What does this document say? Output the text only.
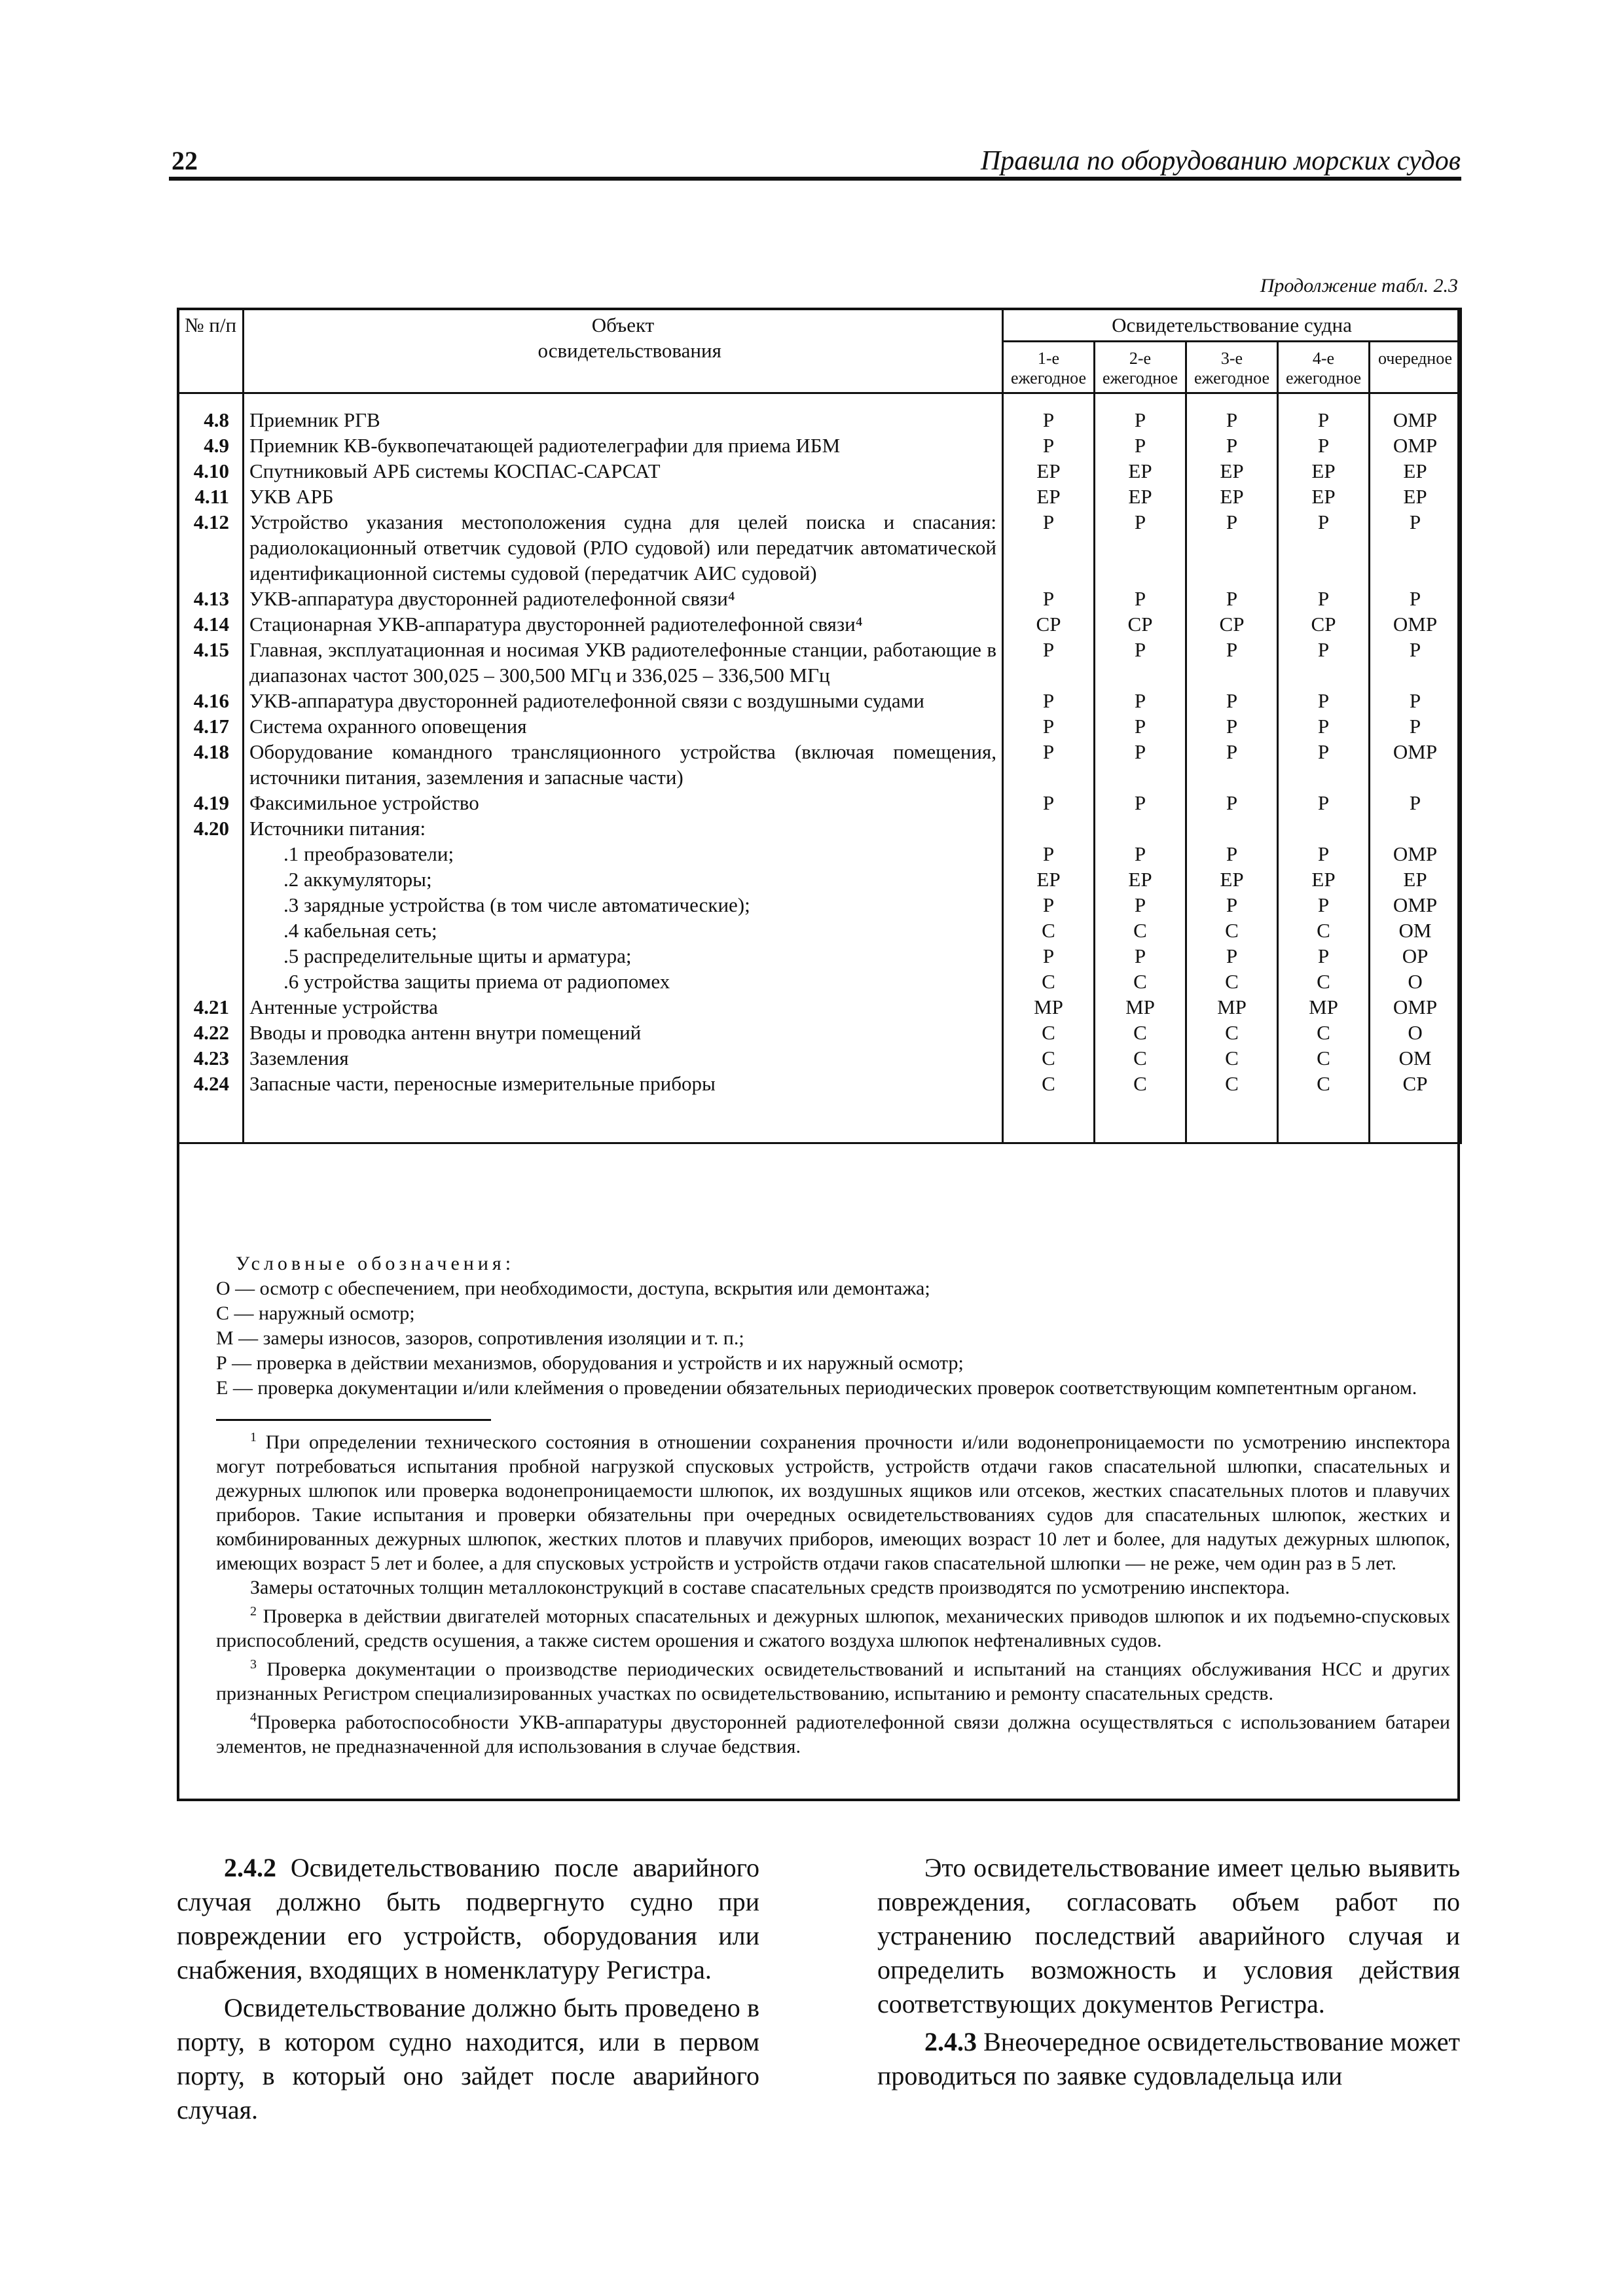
22	Правила по оборудованию морских судов
Продолжение табл. 2.3
№ п/п	Объект освидетельствования	Освидетельствование судна				
		1-е ежегодное	2-е ежегодное	3-е ежегодное	4-е ежегодное	очередное

4.8	Приемник РГВ	Р	Р	Р	Р	ОМР
4.9	Приемник КВ-буквопечатающей радиотелеграфии для приема ИБМ	Р	Р	Р	Р	ОМР
4.10	Спутниковый АРБ системы КОСПАС-САРСАТ	ЕР	ЕР	ЕР	ЕР	ЕР
4.11	УКВ АРБ	ЕР	ЕР	ЕР	ЕР	ЕР
4.12	Устройство указания местоположения судна для целей поиска и спасания: радиолокационный ответчик судовой (РЛО судовой) или передатчик автоматической идентификационной системы судовой (передатчик АИС судовой)	Р	Р	Р	Р	Р
4.13	УКВ-аппаратура двусторонней радиотелефонной связи⁴	Р	Р	Р	Р	Р
4.14	Стационарная УКВ-аппаратура двусторонней радиотелефонной связи⁴	СР	СР	СР	СР	ОМР
4.15	Главная, эксплуатационная и носимая УКВ радиотелефонные станции, работающие в диапазонах частот 300,025 – 300,500 МГц и 336,025 – 336,500 МГц	Р	Р	Р	Р	Р
4.16	УКВ-аппаратура двусторонней радиотелефонной связи с воздушными судами	Р	Р	Р	Р	Р
4.17	Система охранного оповещения	Р	Р	Р	Р	Р
4.18	Оборудование командного трансляционного устройства (включая помещения, источники питания, заземления и запасные части)	Р	Р	Р	Р	ОМР
4.19	Факсимильное устройство	Р	Р	Р	Р	Р
4.20	Источники питания:					
	.1 преобразователи;	Р	Р	Р	Р	ОМР
	.2 аккумуляторы;	ЕР	ЕР	ЕР	ЕР	ЕР
	.3 зарядные устройства (в том числе автоматические);	Р	Р	Р	Р	ОМР
	.4 кабельная сеть;	С	С	С	С	ОМ
	.5 распределительные щиты и арматура;	Р	Р	Р	Р	ОР
	.6 устройства защиты приема от радиопомех	С	С	С	С	О
4.21	Антенные устройства	МР	МР	МР	МР	ОМР
4.22	Вводы и проводка антенн внутри помещений	С	С	С	С	О
4.23	Заземления	С	С	С	С	ОМ
4.24	Запасные части, переносные измерительные приборы	С	С	С	С	СР

Условные обозначения:

О — осмотр с обеспечением, при необходимости, доступа, вскрытия или демонтажа;

С — наружный осмотр;

М — замеры износов, зазоров, сопротивления изоляции и т. п.;

Р — проверка в действии механизмов, оборудования и устройств и их наружный осмотр;

Е — проверка документации и/или клеймения о проведении обязательных периодических проверок соответствующим компетентным органом.

$^1$ При определении технического состояния в отношении сохранения прочности и/или водонепроницаемости по усмотрению инспектора могут потребоваться испытания пробной нагрузкой спусковых устройств, устройств отдачи гаков спасательной шлюпки, спасательных и дежурных шлюпок или проверка водонепроницаемости шлюпок, их воздушных ящиков или отсеков, жестких спасательных плотов и плавучих приборов. Такие испытания и проверки обязательны при очередных освидетельствованиях судов для спасательных шлюпок, жестких и комбинированных дежурных шлюпок, жестких плотов и плавучих приборов, имеющих возраст 10 лет и более, для надутых дежурных шлюпок, имеющих возраст 5 лет и более, а для спусковых устройств и устройств отдачи гаков спасательной шлюпки — не реже, чем один раз в 5 лет.

Замеры остаточных толщин металлоконструкций в составе спасательных средств производятся по усмотрению инспектора.

$^2$ Проверка в действии двигателей моторных спасательных и дежурных шлюпок, механических приводов шлюпок и их подъемно-спусковых приспособлений, средств осушения, а также систем орошения и сжатого воздуха шлюпок нефтеналивных судов.

$^3$ Проверка документации о производстве периодических освидетельствований и испытаний на станциях обслуживания НСС и других признанных Регистром специализированных участках по освидетельствованию, испытанию и ремонту спасательных средств.

$^4$Проверка работоспособности УКВ-аппаратуры двусторонней радиотелефонной связи должна осуществляться с использованием батареи элементов, не предназначенной для использования в случае бедствия.

2.4.2 Освидетельствованию после аварийного случая должно быть подвергнуто судно при повреждении его устройств, оборудования или снабжения, входящих в номенклатуру Регистра.

Освидетельствование должно быть проведено в порту, в котором судно находится, или в первом порту, в который оно зайдет после аварийного случая.

Это освидетельствование имеет целью выявить повреждения, согласовать объем работ по устранению последствий аварийного случая и определить возможность и условия действия соответствующих документов Регистра.

2.4.3 Внеочередное освидетельствование может проводиться по заявке судовладельца или
